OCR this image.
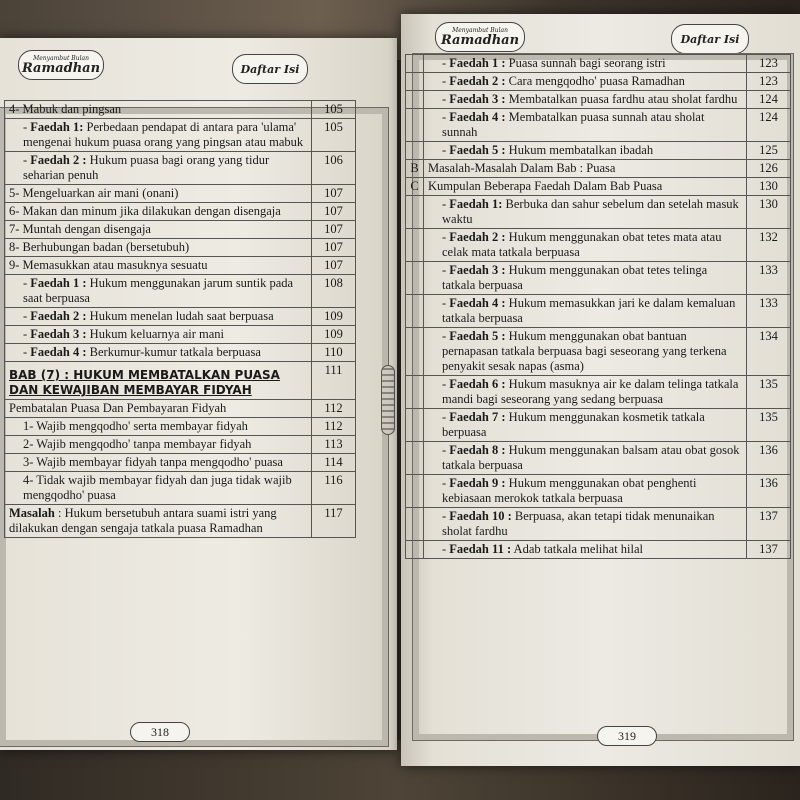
Menyambut Bulan
Ramadhan	Daftar Isi
4- Mabuk dan pingsan	105
- Faedah 1: Perbedaan pendapat di antara para 'ulama' mengenai hukum puasa orang yang pingsan atau mabuk	105
- Faedah 2 : Hukum puasa bagi orang yang tidur seharian penuh	106
5- Mengeluarkan air mani (onani)	107
6- Makan dan minum jika dilakukan dengan disengaja	107
7- Muntah dengan disengaja	107
8- Berhubungan badan (bersetubuh)	107
9- Memasukkan atau masuknya sesuatu	107
- Faedah 1 : Hukum menggunakan jarum suntik pada saat berpuasa	108
- Faedah 2 : Hukum menelan ludah saat berpuasa	109
- Faedah 3 : Hukum keluarnya air mani	109
- Faedah 4 : Berkumur-kumur tatkala berpuasa	110
BAB (7) : HUKUM MEMBATALKAN PUASA DAN KEWAJIBAN MEMBAYAR FIDYAH	111
Pembatalan Puasa Dan Pembayaran Fidyah	112
1- Wajib mengqodho' serta membayar fidyah	112
2- Wajib mengqodho' tanpa membayar fidyah	113
3- Wajib membayar fidyah tanpa mengqodho' puasa	114
4- Tidak wajib membayar fidyah dan juga tidak wajib mengqodho' puasa	116
Masalah : Hukum bersetubuh antara suami istri yang dilakukan dengan sengaja tatkala puasa Ramadhan	117
318
Menyambut Bulan
Ramadhan	Daftar Isi
	- Faedah 1 : Puasa sunnah bagi seorang istri	123
	- Faedah 2 : Cara mengqodho' puasa Ramadhan	123
	- Faedah 3 : Membatalkan puasa fardhu atau sholat fardhu	124
	- Faedah 4 : Membatalkan puasa sunnah atau sholat sunnah	124
	- Faedah 5 : Hukum membatalkan ibadah	125
B	Masalah-Masalah Dalam Bab : Puasa	126
C	Kumpulan Beberapa Faedah Dalam Bab Puasa	130
	- Faedah 1: Berbuka dan sahur sebelum dan setelah masuk waktu	130
	- Faedah 2 : Hukum menggunakan obat tetes mata atau celak mata tatkala berpuasa	132
	- Faedah 3 : Hukum menggunakan obat tetes telinga tatkala berpuasa	133
	- Faedah 4 : Hukum memasukkan jari ke dalam kemaluan tatkala berpuasa	133
	- Faedah 5 : Hukum menggunakan obat bantuan pernapasan tatkala berpuasa bagi seseorang yang terkena penyakit sesak napas (asma)	134
	- Faedah 6 : Hukum masuknya air ke dalam telinga tatkala mandi bagi seseorang yang sedang berpuasa	135
	- Faedah 7 : Hukum menggunakan kosmetik tatkala berpuasa	135
	- Faedah 8 : Hukum menggunakan balsam atau obat gosok tatkala berpuasa	136
	- Faedah 9 : Hukum menggunakan obat penghenti kebiasaan merokok tatkala berpuasa	136
	- Faedah 10 : Berpuasa, akan tetapi tidak menunaikan sholat fardhu	137
	- Faedah 11 : Adab tatkala melihat hilal	137
319
